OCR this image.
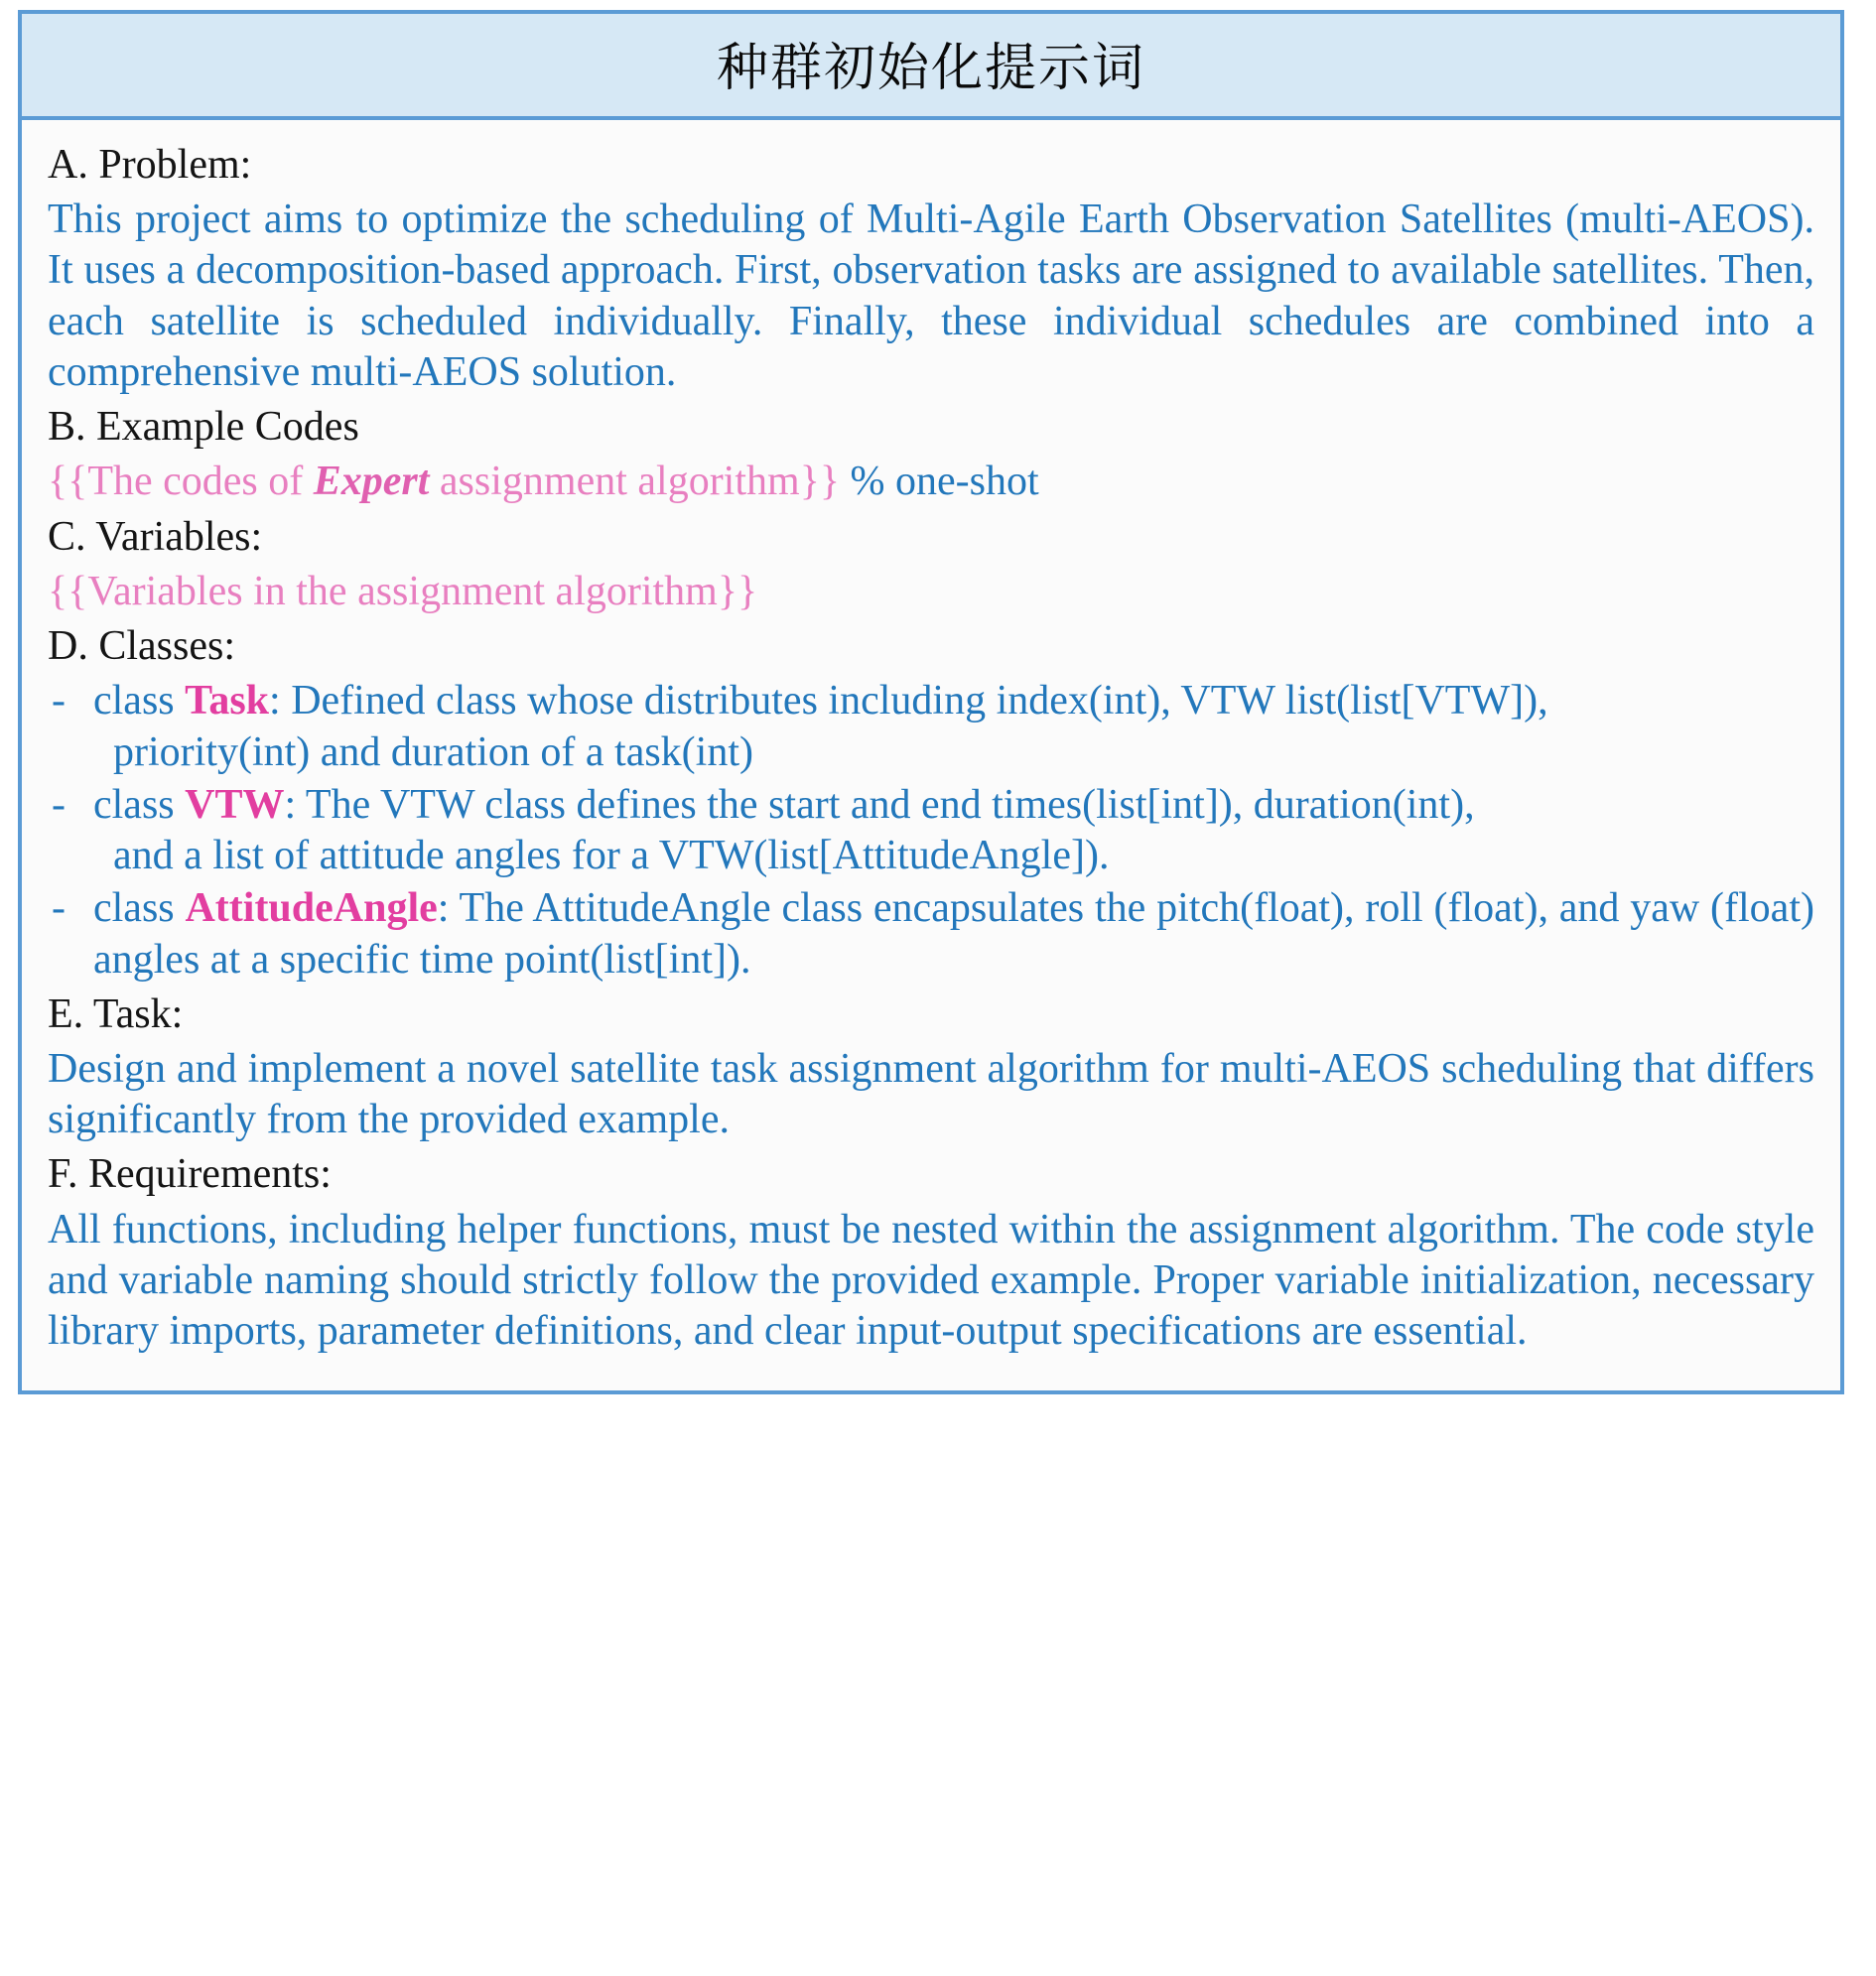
种群初始化提示词
A. Problem:
This project aims to optimize the scheduling of Multi-Agile Earth Observation Satellites (multi-AEOS). It uses a decomposition-based approach. First, observation tasks are assigned to available satellites. Then, each satellite is scheduled individually. Finally, these individual schedules are combined into a comprehensive multi-AEOS solution.
B. Example Codes
{{The codes of Expert assignment algorithm}} % one-shot
C. Variables:
{{Variables in the assignment algorithm}}
D. Classes:
- class Task: Defined class whose distributes including index(int), VTW list(list[VTW]),
priority(int) and duration of a task(int)
- class VTW: The VTW class defines the start and end times(list[int]), duration(int),
and a list of attitude angles for a VTW(list[AttitudeAngle]).
- class AttitudeAngle: The AttitudeAngle class encapsulates the pitch(float), roll (float), and yaw (float) angles at a specific time point(list[int]).
E. Task:
Design and implement a novel satellite task assignment algorithm for multi-AEOS scheduling that differs significantly from the provided example.
F. Requirements:
All functions, including helper functions, must be nested within the assignment algorithm. The code style and variable naming should strictly follow the provided example. Proper variable initialization, necessary library imports, parameter definitions, and clear input-output specifications are essential.
